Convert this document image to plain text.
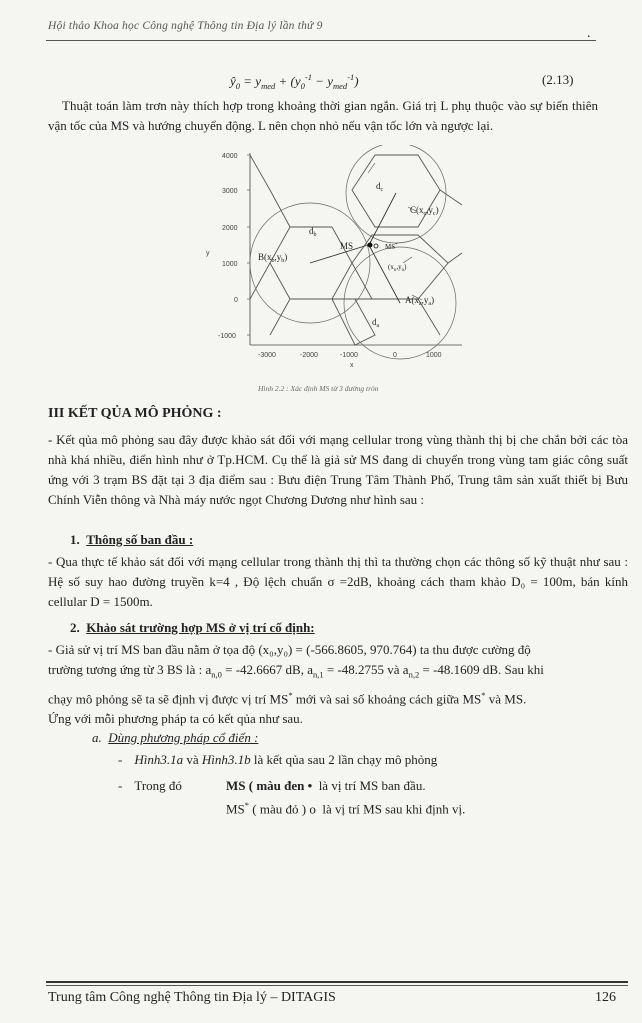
Hội thảo Khoa học Công nghệ Thông tin Địa lý lần thứ 9	.
$ŷ_0 = y_{med} + (y_0^{-1} - y_{med}^{-1})$	(2.13)
Thuật toán làm trơn này thích hợp trong khoảng thời gian ngắn. Giá trị L phụ thuộc vào sự biến thiên vận tốc của MS và hướng chuyển động. L nên chọn nhỏ nếu vận tốc lớn và ngược lại.
4000
3000
2000
1000
0
-1000
y
-3000	-2000	-1000	0	1000
x
$d_c$
$C(x_c,y_c)$
$d_b$
$B(x_b,y_b)$
MS	MS*
$(x_o,y_o)$
$A(x_a,y_a)$
$d_a$
Hình 2.2 : Xác định MS từ 3 đường tròn
III KẾT QỦA MÔ PHỎNG :
- Kết qủa mô phỏng sau đây được khảo sát đối với mạng cellular trong vùng thành thị bị che chắn bởi các tòa nhà khá nhiều, điển hình như ở Tp.HCM. Cụ thể là giả sử MS đang di chuyển trong vùng tam giác công suất ứng với 3 trạm BS đặt tại 3 địa điểm sau : Bưu điện Trung Tâm Thành Phố, Trung tâm sản xuất thiết bị Bưu Chính Viễn thông và Nhà máy nước ngọt Chương Dương như hình sau :
1. Thông số ban đầu :
- Qua thực tế khảo sát đối với mạng cellular trong thành thị thì ta thường chọn các thông số kỹ thuật như sau : Hệ số suy hao đường truyền k=4 , Độ lệch chuẩn σ =2dB, khoảng cách tham khảo D₀ = 100m, bán kính cellular D = 1500m.
2. Khảo sát trường hợp MS ở vị trí cố định:
- Giả sử vị trí MS ban đầu nằm ở tọa độ (x₀,y₀) = (-566.8605, 970.764) ta thu được cường độ
trường tương ứng từ 3 BS là : $a_{n,0} = -42.6667$ dB, $a_{n,1} = -48.2755$ và $a_{n,2} = -48.1609$ dB. Sau khi
chạy mô phỏng sẽ ta sẽ định vị được vị trí MS* mới và sai số khoảng cách giữa MS* và MS.
Ứng với mỗi phương pháp ta có kết qủa như sau.
a. Dùng phương pháp cổ điển :
- Hình3.1a và Hình3.1b là kết qủa sau 2 lần chạy mô phỏng
- Trong đó	MS ( màu đen • là vị trí MS ban đầu.
MS* ( màu đỏ ) o là vị trí MS sau khi định vị.
Trung tâm Công nghệ Thông tin Địa lý – DITAGIS	126
